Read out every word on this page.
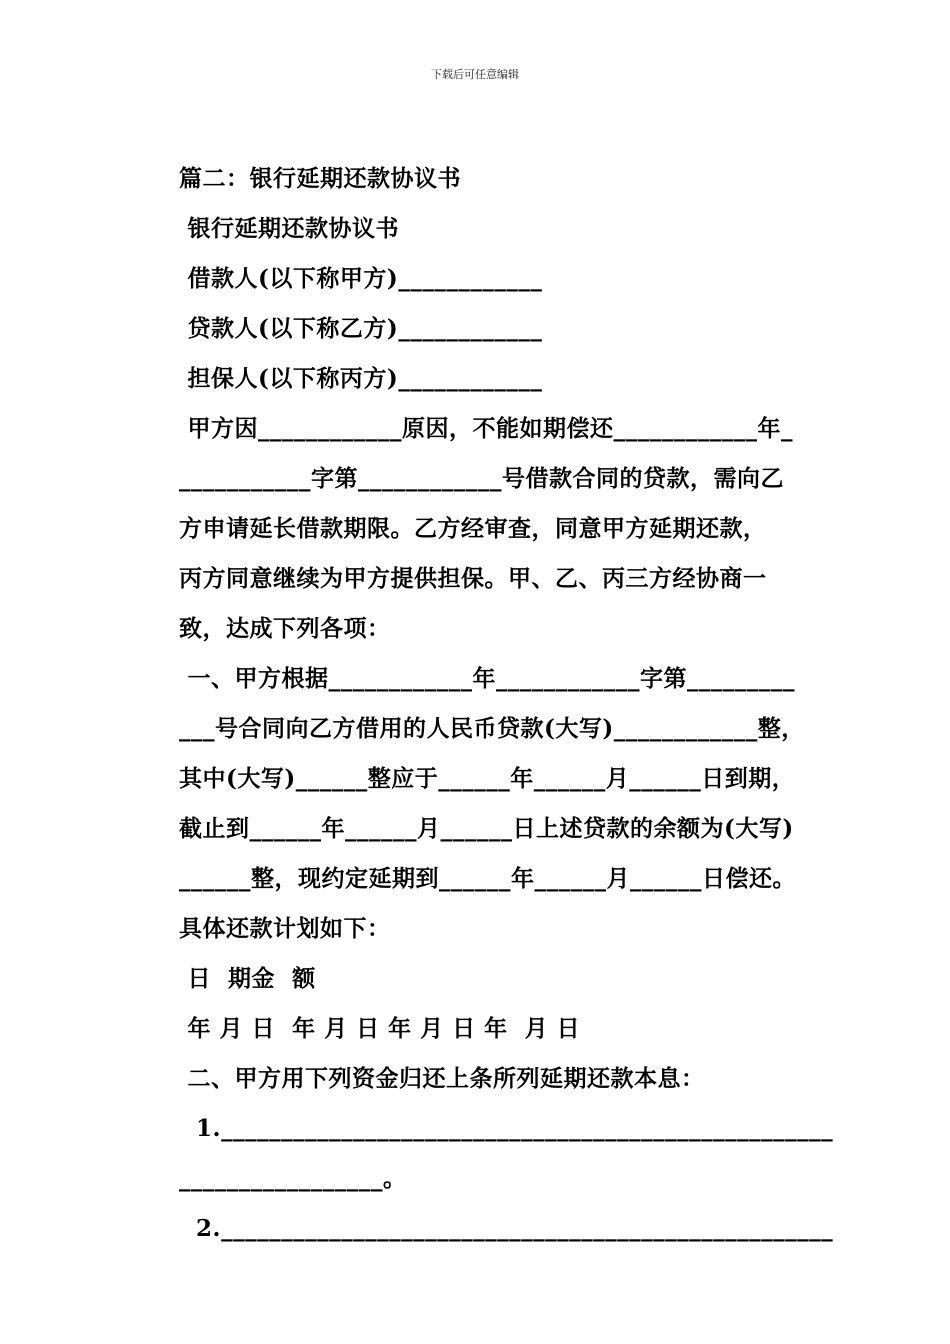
下载后可任意编辑

篇二：银行延期还款协议书

银行延期还款协议书

借款人(以下称甲方)____________

贷款人(以下称乙方)____________

担保人(以下称丙方)____________

甲方因____________原因，不能如期偿还____________年_

___________字第____________号借款合同的贷款，需向乙

方申请延长借款期限。乙方经审查，同意甲方延期还款，

丙方同意继续为甲方提供担保。甲、乙、丙三方经协商一

致，达成下列各项：

一、甲方根据____________年____________字第_________

___号合同向乙方借用的人民币贷款(大写)____________整，

其中(大写)______整应于______年______月______日到期，

截止到______年______月______日上述贷款的余额为(大写)

______整，现约定延期到______年______月______日偿还。

具体还款计划如下：

日  期金  额

年 月 日  年 月 日 年 月 日 年  月 日

二、甲方用下列资金归还上条所列延期还款本息：

1.___________________________________________________

_________________。

2.___________________________________________________
